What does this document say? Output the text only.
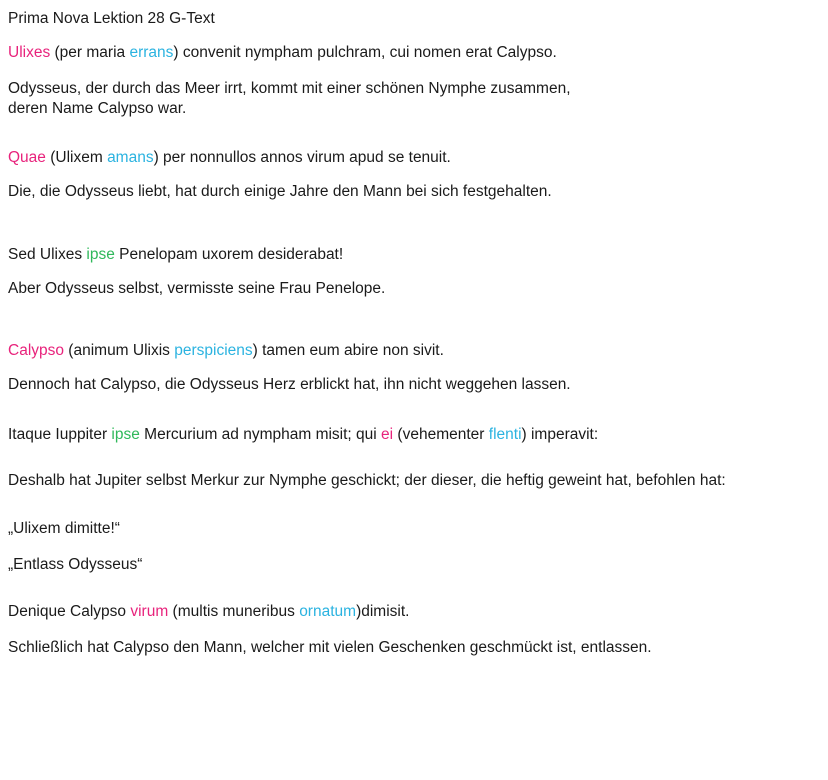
Prima Nova Lektion 28 G-Text
Ulixes (per maria errans) convenit nympham pulchram, cui nomen erat Calypso.
Odysseus, der durch das Meer irrt, kommt mit einer schönen Nymphe zusammen,
deren Name Calypso war.
Quae (Ulixem amans) per nonnullos annos virum apud se tenuit.
Die, die Odysseus liebt, hat durch einige Jahre den Mann bei sich festgehalten.
Sed Ulixes ipse Penelopam uxorem desiderabat!
Aber Odysseus selbst, vermisste seine Frau Penelope.
Calypso (animum Ulixis perspiciens) tamen eum abire non sivit.
Dennoch hat Calypso, die Odysseus Herz erblickt hat, ihn nicht weggehen lassen.
Itaque Iuppiter ipse Mercurium ad nympham misit; qui ei (vehementer flenti) imperavit:
Deshalb hat Jupiter selbst Merkur zur Nymphe geschickt; der dieser, die heftig geweint hat, befohlen hat:
„Ulixem dimitte!“
„Entlass Odysseus“
Denique Calypso virum (multis muneribus ornatum)dimisit.
Schließlich hat Calypso den Mann, welcher mit vielen Geschenken geschmückt ist, entlassen.
